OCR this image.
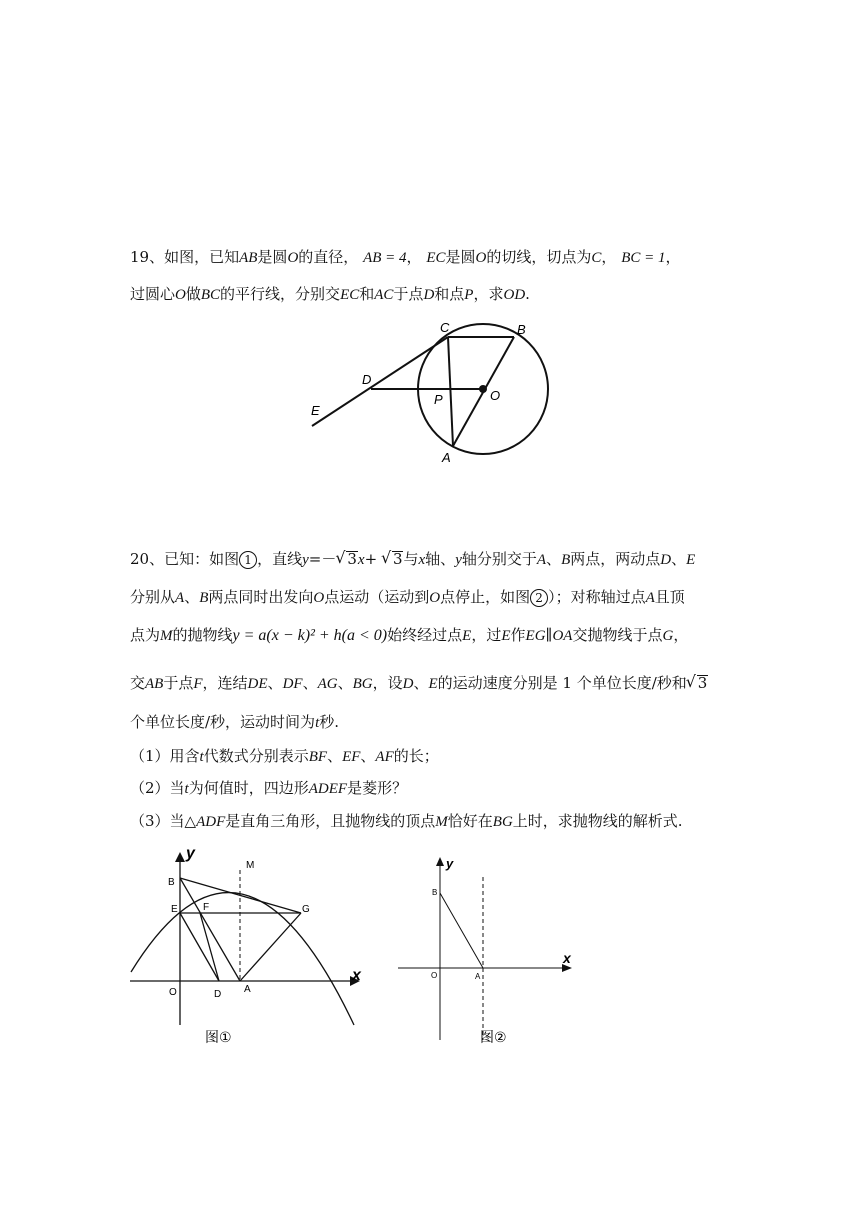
19、如图，已知AB是圆O的直径， AB = 4， EC是圆O的切线，切点为C， BC = 1，
过圆心O做BC的平行线，分别交EC和AC于点D和点P，求OD.
C	B
D
O
P
E
A
20、已知：如图 1 ，直线y=－ √ 3x+ √ 3与x轴、y轴分别交于A、B两点，两动点D、E
分别从A、B两点同时出发向O点运动（运动到O点停止，如图 2 ）；对称轴过点A且顶
点为M的抛物线y = a(x − k)² + h(a < 0)始终经过点E，过E作EG∥OA交抛物线于点G，
交AB于点F，连结DE、DF、AG、BG，设D、E的运动速度分别是 1 个单位长度/秒和 √ 3
个单位长度/秒，运动时间为t秒.
（1）用含t代数式分别表示BF、EF、AF的长；
（2）当t为何值时，四边形ADEF是菱形？
（3）当△ADF是直角三角形，且抛物线的顶点M恰好在BG上时，求抛物线的解析式.
y
x
M
B
E	F	G
O	D A
图①
y
x
B
O	A
图②
